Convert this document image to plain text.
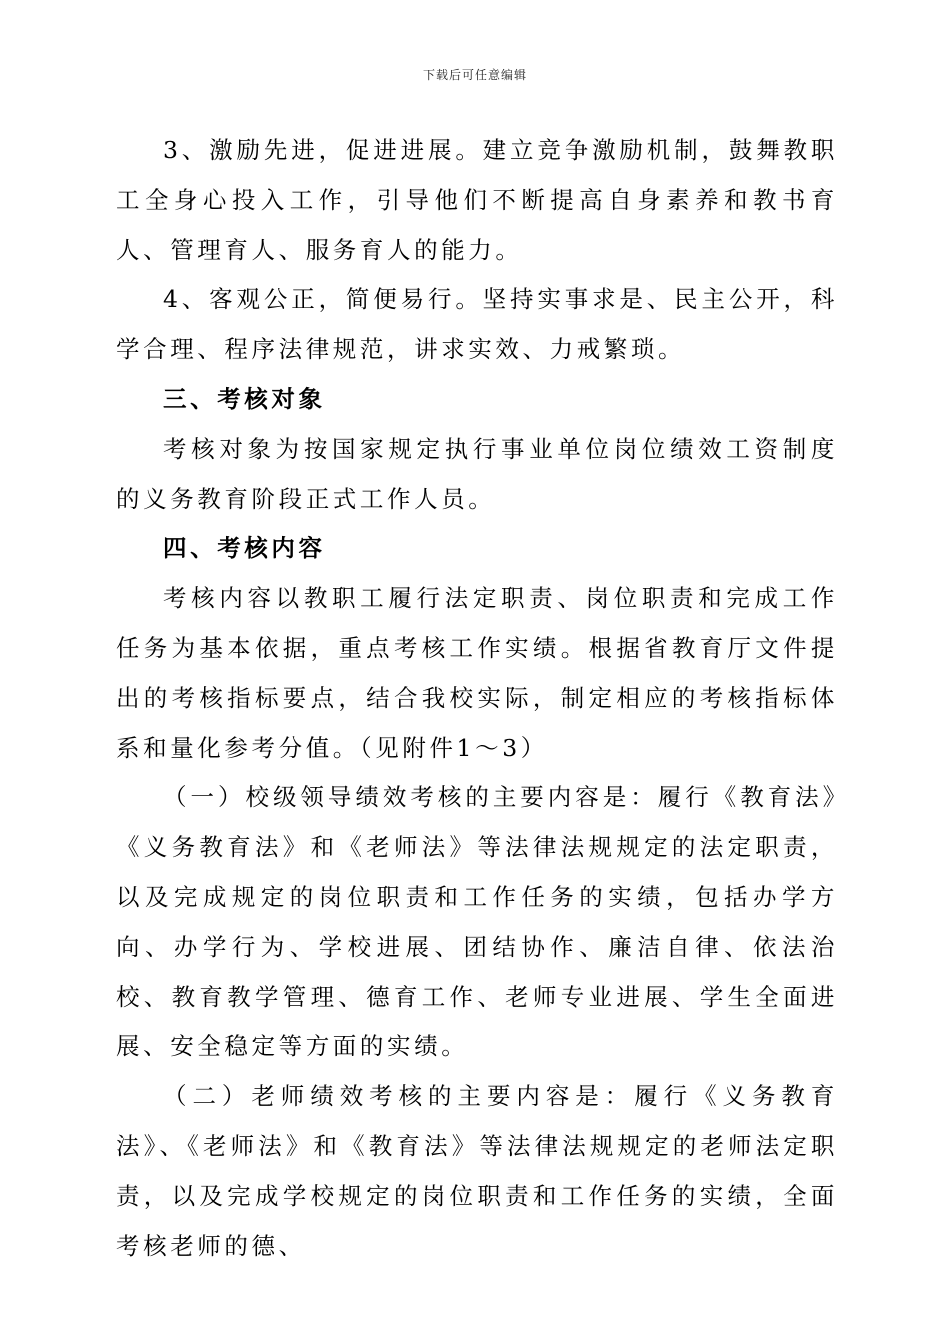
下载后可任意编辑

3、激励先进，促进进展。建立竞争激励机制，鼓舞教职工全身心投入工作，引导他们不断提高自身素养和教书育人、管理育人、服务育人的能力。

4、客观公正，简便易行。坚持实事求是、民主公开，科学合理、程序法律规范，讲求实效、力戒繁琐。

三、考核对象

考核对象为按国家规定执行事业单位岗位绩效工资制度的义务教育阶段正式工作人员。

四、考核内容

考核内容以教职工履行法定职责、岗位职责和完成工作任务为基本依据，重点考核工作实绩。根据省教育厅文件提出的考核指标要点，结合我校实际，制定相应的考核指标体系和量化参考分值。（见附件1～3）

（一）校级领导绩效考核的主要内容是：履行《教育法》《义务教育法》和《老师法》等法律法规规定的法定职责，以及完成规定的岗位职责和工作任务的实绩，包括办学方向、办学行为、学校进展、团结协作、廉洁自律、依法治校、教育教学管理、德育工作、老师专业进展、学生全面进展、安全稳定等方面的实绩。

（二）老师绩效考核的主要内容是：履行《义务教育法》、《老师法》和《教育法》等法律法规规定的老师法定职责，以及完成学校规定的岗位职责和工作任务的实绩，全面考核老师的德、
